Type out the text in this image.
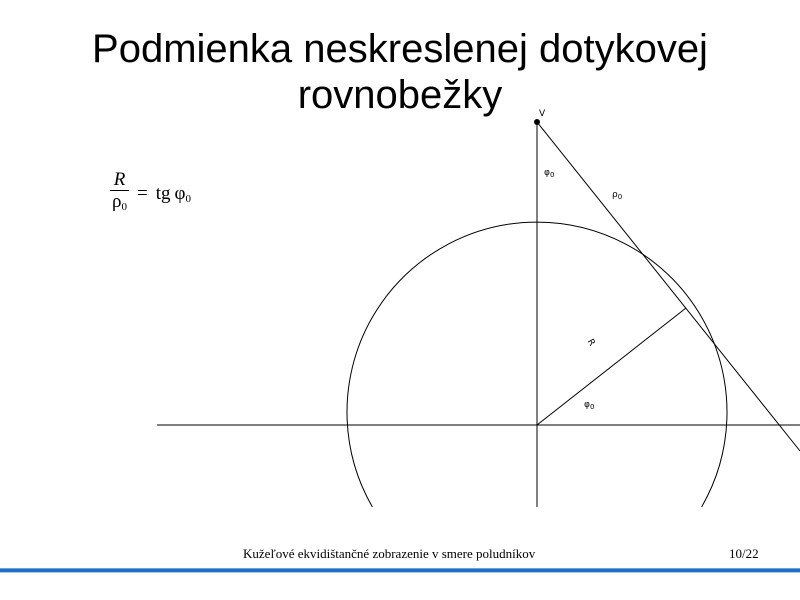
V
$\varphi_0$
$\rho_0$
R
$\varphi_0$
Podmienka neskreslenej dotykovej
rovnobežky
$\frac{R}{\rho_0}$ = tg $\varphi_0$
Kužeľové ekvidištančné zobrazenie v smere poludníkov	10/22
